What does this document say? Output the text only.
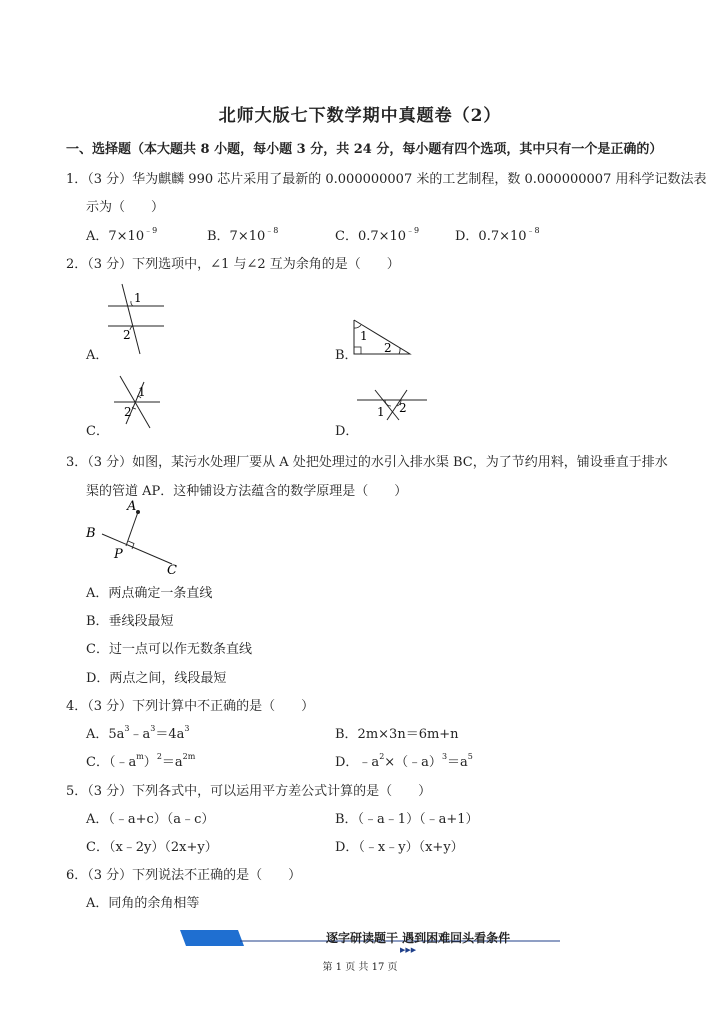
北师大版七下数学期中真题卷（2）
一、选择题（本大题共 8 小题，每小题 3 分，共 24 分，每小题有四个选项，其中只有一个是正确的）
1．（3 分）华为麒麟 990 芯片采用了最新的 0.000000007 米的工艺制程，数 0.000000007 用科学记数法表
示为（　　）
A．$7\times 10^{﹣9}$	B．$7\times 10^{﹣8}$	C．$0.7\times 10^{﹣9}$	D．$0.7\times 10^{﹣8}$
2．（3 分）下列选项中，∠1 与∠2 互为余角的是（　　）
1
2
A．
1
2
B．
1
2
C．
1 2
D．
3．（3 分）如图，某污水处理厂要从 A 处把处理过的水引入排水渠 BC，为了节约用料，铺设垂直于排水
渠的管道 AP．这种铺设方法蕴含的数学原理是（　　）
A
B
P
C
A．两点确定一条直线
B．垂线段最短
C．过一点可以作无数条直线
D．两点之间，线段最短
4．（3 分）下列计算中不正确的是（　　）
A．$5a^3﹣a^3=4a^3$	B．2m×3n＝6m+n
C．$(﹣a^m)^2=a^{2m}$	D．$﹣a^2\times(﹣a)^3=a^5$
5．（3 分）下列各式中，可以运用平方差公式计算的是（　　）
A．（﹣a+c）（a﹣c）	B．（﹣a﹣1）（﹣a+1）
C．（x﹣2y）（2x+y）	D．（﹣x﹣y）（x+y）
6．（3 分）下列说法不正确的是（　　）
A．同角的余角相等
逐字研读题干 遇到困难回头看条件
▶▶▶
第 1 页 共 17 页
